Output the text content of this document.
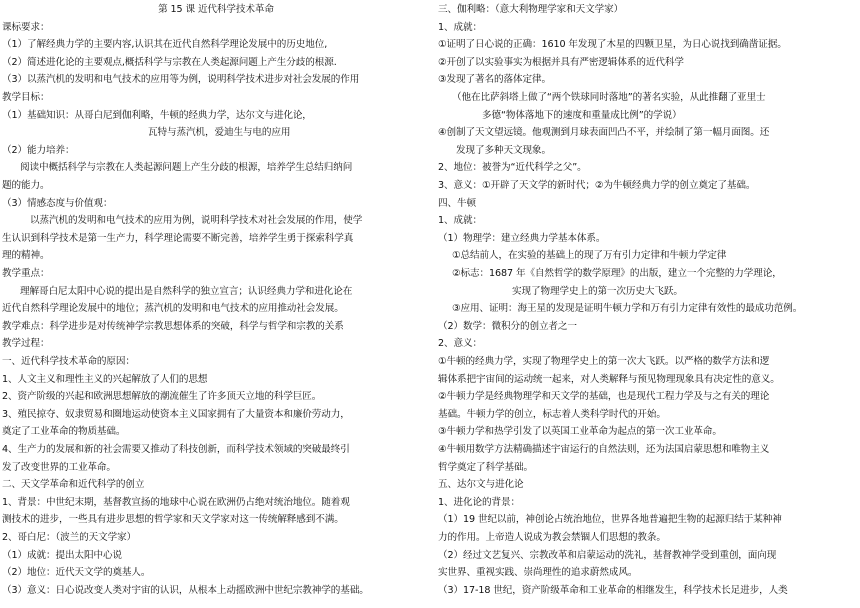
第 15 课 近代科学技术革命
课标要求：
（1）了解经典力学的主要内容,认识其在近代自然科学理论发展中的历史地位,
（2）简述进化论的主要观点,概括科学与宗教在人类起源问题上产生分歧的根源.
（3）以蒸汽机的发明和电气技术的应用等为例，说明科学技术进步对社会发展的作用
教学目标：
（1）基础知识：从哥白尼到伽利略，牛顿的经典力学，达尔文与进化论，
瓦特与蒸汽机，爱迪生与电的应用
（2）能力培养：
阅读中概括科学与宗教在人类起源问题上产生分歧的根源，培养学生总结归纳问
题的能力。
（3）情感态度与价值观：
以蒸汽机的发明和电气技术的应用为例，说明科学技术对社会发展的作用，使学
生认识到科学技术是第一生产力，科学理论需要不断完善，培养学生勇于探索科学真
理的精神。
教学重点：
理解哥白尼太阳中心说的提出是自然科学的独立宣言；认识经典力学和进化论在
近代自然科学理论发展中的地位；蒸汽机的发明和电气技术的应用推动社会发展。
教学难点：科学进步是对传统神学宗教思想体系的突破，科学与哲学和宗教的关系
教学过程：
一、近代科学技术革命的原因：
1、人文主义和理性主义的兴起解放了人们的思想
2、资产阶级的兴起和欧洲思想解放的潮流催生了许多顶天立地的科学巨匠。
3、殖民掠夺、奴隶贸易和圈地运动使资本主义国家拥有了大量资本和廉价劳动力，
奠定了工业革命的物质基础。
4、生产力的发展和新的社会需要又推动了科技创新，而科学技术领域的突破最终引
发了改变世界的工业革命。
二、天文学革命和近代科学的创立
1、背景：中世纪末期，基督教宣扬的地球中心说在欧洲仍占绝对统治地位。随着观
测技术的进步，一些具有进步思想的哲学家和天文学家对这一传统解释感到不满。
2、哥白尼：（波兰的天文学家）
（1）成就：提出太阳中心说
（2）地位：近代天文学的奠基人。
（3）意义：日心说改变人类对宇宙的认识，从根本上动摇欧洲中世纪宗教神学的基础。
三、伽利略：（意大利物理学家和天文学家）
1、成就：
①证明了日心说的正确：1610 年发现了木星的四颗卫星，为日心说找到确凿证据。
②开创了以实验事实为根据并具有严密逻辑体系的近代科学
③发现了著名的落体定律。
（他在比萨斜塔上做了“两个铁球同时落地”的著名实验，从此推翻了亚里士
多德“物体落地下的速度和重量成比例”的学说）
④创制了天文望远镜。他观测到月球表面凹凸不平，并绘制了第一幅月面图。还
发现了多种天文现象。
2、地位：被誉为“近代科学之父”。
3、意义：①开辟了天文学的新时代；②为牛顿经典力学的创立奠定了基础。
四、牛顿
1、成就：
（1）物理学：建立经典力学基本体系。
①总结前人，在实验的基础上的现了万有引力定律和牛顿力学定律
②标志：1687 年《自然哲学的数学原理》的出版，建立一个完整的力学理论，
实现了物理学史上的第一次历史大飞跃。
③应用、证明：海王星的发现是证明牛顿力学和万有引力定律有效性的最成功范例。
（2）数学：微积分的创立者之一
2、意义：
①牛顿的经典力学，实现了物理学史上的第一次大飞跃。以严格的数学方法和逻
辑体系把宇宙间的运动统一起来，对人类解释与预见物理现象具有决定性的意义。
②牛顿力学是经典物理学和天文学的基础，也是现代工程力学及与之有关的理论
基础。牛顿力学的创立，标志着人类科学时代的开始。
③牛顿力学和热学引发了以英国工业革命为起点的第一次工业革命。
④牛顿用数学方法精确描述宇宙运行的自然法则，还为法国启蒙思想和唯物主义
哲学奠定了科学基础。
五、达尔文与进化论
1、进化论的背景：
（1）19 世纪以前，神创论占统治地位，世界各地普遍把生物的起源归结于某种神
力的作用。上帝造人说成为教会禁锢人们思想的教条。
（2）经过文艺复兴、宗教改革和启蒙运动的洗礼，基督教神学受到重创，面向现
实世界、重视实践、崇尚理性的追求蔚然成风。
（3）17-18 世纪，资产阶级革命和工业革命的相继发生，科学技术长足进步，人类
